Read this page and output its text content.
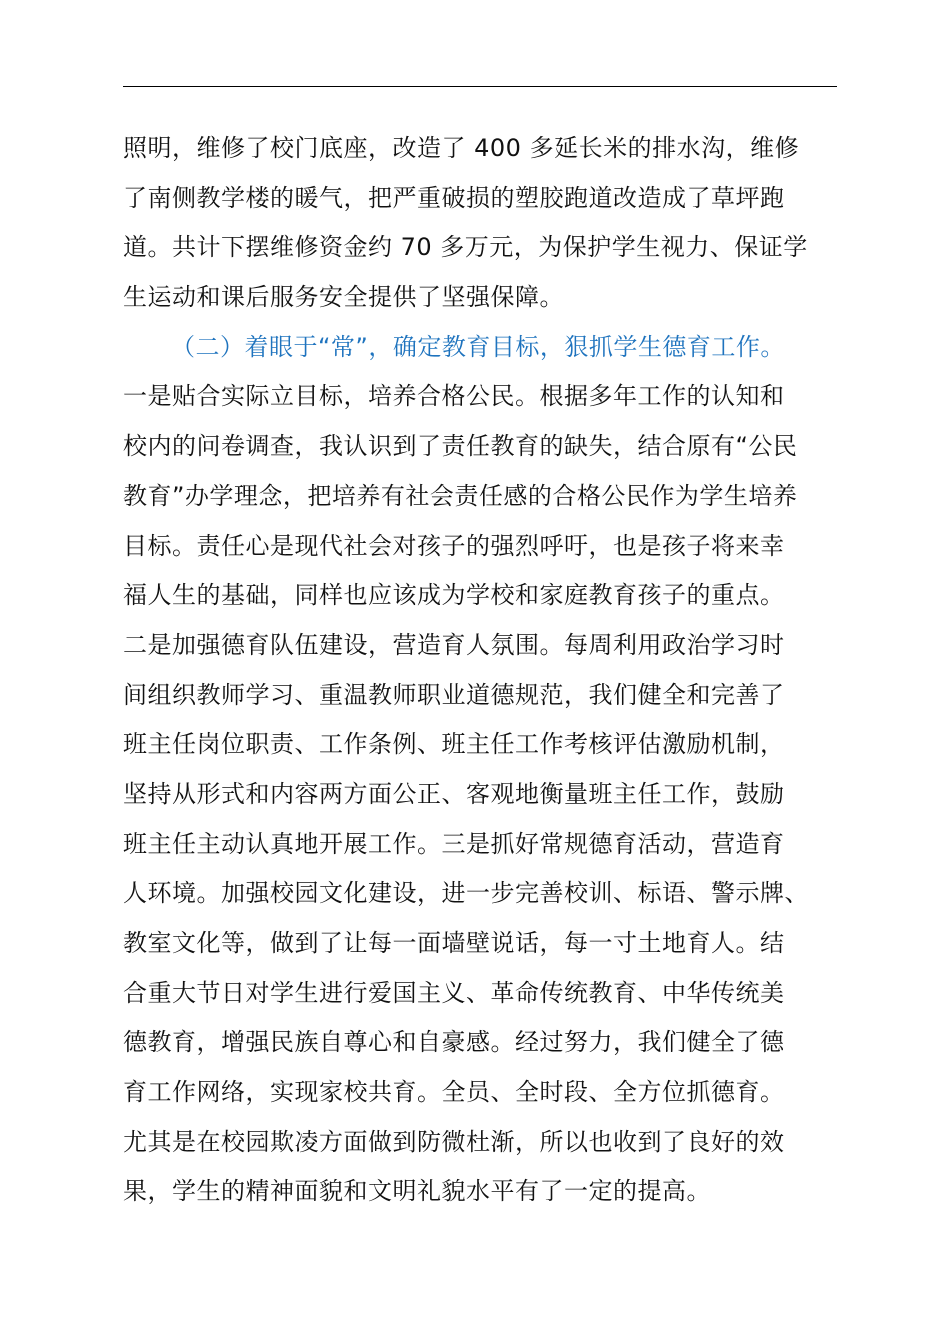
照明，维修了校门底座，改造了 400 多延长米的排水沟，维修
了南侧教学楼的暖气，把严重破损的塑胶跑道改造成了草坪跑
道。共计下摆维修资金约 70 多万元，为保护学生视力、保证学
生运动和课后服务安全提供了坚强保障。
（二）着眼于“常”，确定教育目标，狠抓学生德育工作。
一是贴合实际立目标，培养合格公民。根据多年工作的认知和
校内的问卷调查，我认识到了责任教育的缺失，结合原有“公民
教育”办学理念，把培养有社会责任感的合格公民作为学生培养
目标。责任心是现代社会对孩子的强烈呼吁，也是孩子将来幸
福人生的基础，同样也应该成为学校和家庭教育孩子的重点。
二是加强德育队伍建设，营造育人氛围。每周利用政治学习时
间组织教师学习、重温教师职业道德规范，我们健全和完善了
班主任岗位职责、工作条例、班主任工作考核评估激励机制，
坚持从形式和内容两方面公正、客观地衡量班主任工作，鼓励
班主任主动认真地开展工作。三是抓好常规德育活动，营造育
人环境。加强校园文化建设，进一步完善校训、标语、警示牌、
教室文化等，做到了让每一面墙壁说话，每一寸土地育人。结
合重大节日对学生进行爱国主义、革命传统教育、中华传统美
德教育，增强民族自尊心和自豪感。经过努力，我们健全了德
育工作网络，实现家校共育。全员、全时段、全方位抓德育。
尤其是在校园欺凌方面做到防微杜渐，所以也收到了良好的效
果，学生的精神面貌和文明礼貌水平有了一定的提高。
